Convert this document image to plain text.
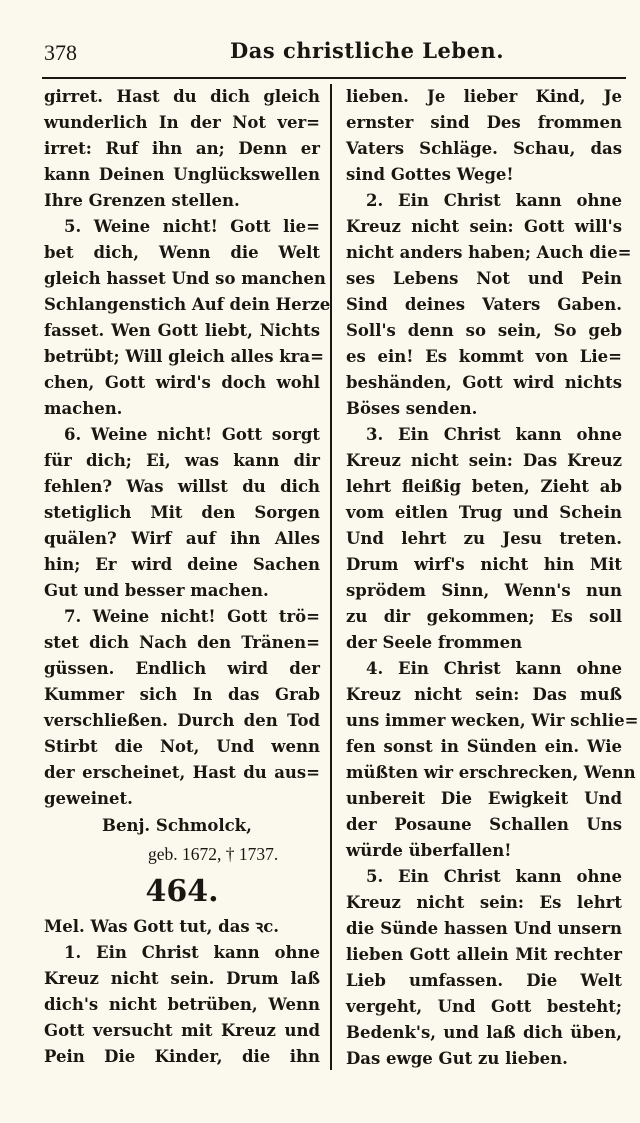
378	Das christliche Leben.
girret. Hast du dich gleich
wunderlich In der Not ver=
irret: Ruf ihn an; Denn er
kann Deinen Unglückswellen
Ihre Grenzen stellen.
5. Weine nicht! Gott lie=
bet dich, Wenn die Welt
gleich hasset Und so manchen
Schlangenstich Auf dein Herze
fasset. Wen Gott liebt, Nichts
betrübt; Will gleich alles kra=
chen, Gott wird's doch wohl
machen.
6. Weine nicht! Gott sorgt
für dich; Ei, was kann dir
fehlen? Was willst du dich
stetiglich Mit den Sorgen
quälen? Wirf auf ihn Alles
hin; Er wird deine Sachen
Gut und besser machen.
7. Weine nicht! Gott trö=
stet dich Nach den Tränen=
güssen. Endlich wird der
Kummer sich In das Grab
verschließen. Durch den Tod
Stirbt die Not, Und wenn
der erscheinet, Hast du aus=
geweinet.
Benj. Schmolck,
geb. 1672, † 1737.
464.
Mel. Was Gott tut, das ꝛc.
1. Ein Christ kann ohne
Kreuz nicht sein. Drum laß
dich's nicht betrüben, Wenn
Gott versucht mit Kreuz und
Pein Die Kinder, die ihn
lieben. Je lieber Kind, Je
ernster sind Des frommen
Vaters Schläge. Schau, das
sind Gottes Wege!
2. Ein Christ kann ohne
Kreuz nicht sein: Gott will's
nicht anders haben; Auch die=
ses Lebens Not und Pein
Sind deines Vaters Gaben.
Soll's denn so sein, So geb
es ein! Es kommt von Lie=
beshänden, Gott wird nichts
Böses senden.
3. Ein Christ kann ohne
Kreuz nicht sein: Das Kreuz
lehrt fleißig beten, Zieht ab
vom eitlen Trug und Schein
Und lehrt zu Jesu treten.
Drum wirf's nicht hin Mit
sprödem Sinn, Wenn's nun
zu dir gekommen; Es soll
der Seele frommen
4. Ein Christ kann ohne
Kreuz nicht sein: Das muß
uns immer wecken, Wir schlie=
fen sonst in Sünden ein. Wie
müßten wir erschrecken, Wenn
unbereit Die Ewigkeit Und
der Posaune Schallen Uns
würde überfallen!
5. Ein Christ kann ohne
Kreuz nicht sein: Es lehrt
die Sünde hassen Und unsern
lieben Gott allein Mit rechter
Lieb umfassen. Die Welt
vergeht, Und Gott besteht;
Bedenk's, und laß dich üben,
Das ewge Gut zu lieben.
